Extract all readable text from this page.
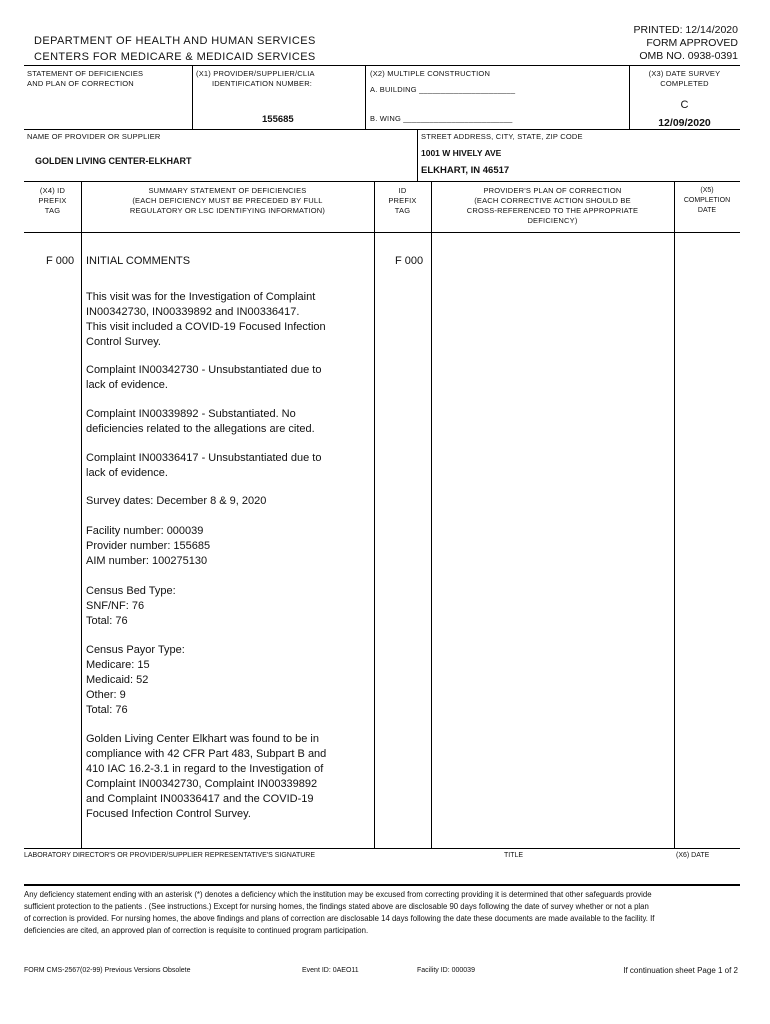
DEPARTMENT OF HEALTH AND HUMAN SERVICES
CENTERS FOR MEDICARE & MEDICAID SERVICES
PRINTED: 12/14/2020
FORM APPROVED
OMB NO. 0938-0391
STATEMENT OF DEFICIENCIES
AND PLAN OF CORRECTION
(X1) PROVIDER/SUPPLIER/CLIA
IDENTIFICATION NUMBER:
155685
(X2) MULTIPLE CONSTRUCTION
A. BUILDING ______________________
B. WING _________________________
(X3) DATE SURVEY
COMPLETED
C
12/09/2020
NAME OF PROVIDER OR SUPPLIER
GOLDEN LIVING CENTER-ELKHART
STREET ADDRESS, CITY, STATE, ZIP CODE
1001 W HIVELY AVE
ELKHART, IN 46517
(X4) ID
PREFIX
TAG
SUMMARY STATEMENT OF DEFICIENCIES
(EACH DEFICIENCY MUST BE PRECEDED BY FULL
REGULATORY OR LSC IDENTIFYING INFORMATION)
ID
PREFIX
TAG
PROVIDER'S PLAN OF CORRECTION
(EACH CORRECTIVE ACTION SHOULD BE
CROSS-REFERENCED TO THE APPROPRIATE
DEFICIENCY)
(X5)
COMPLETION
DATE
F 000 INITIAL COMMENTS	F 000
This visit was for the Investigation of Complaint
IN00342730, IN00339892 and IN00336417.
This visit included a COVID-19 Focused Infection
Control Survey.
Complaint IN00342730 - Unsubstantiated due to
lack of evidence.
Complaint IN00339892 - Substantiated. No
deficiencies related to the allegations are cited.
Complaint IN00336417 - Unsubstantiated due to
lack of evidence.
Survey dates: December 8 & 9, 2020
Facility number: 000039
Provider number: 155685
AIM number: 100275130
Census Bed Type:
SNF/NF: 76
Total: 76
Census Payor Type:
Medicare: 15
Medicaid: 52
Other: 9
Total: 76
Golden Living Center Elkhart was found to be in
compliance with 42 CFR Part 483, Subpart B and
410 IAC 16.2-3.1 in regard to the Investigation of
Complaint IN00342730, Complaint IN00339892
and Complaint IN00336417 and the COVID-19
Focused Infection Control Survey.
LABORATORY DIRECTOR'S OR PROVIDER/SUPPLIER REPRESENTATIVE'S SIGNATURE	TITLE	(X6) DATE
Any deficiency statement ending with an asterisk (*) denotes a deficiency which the institution may be excused from correcting providing it is determined that other safeguards provide sufficient protection to the patients . (See instructions.) Except for nursing homes, the findings stated above are disclosable 90 days following the date of survey whether or not a plan of correction is provided. For nursing homes, the above findings and plans of correction are disclosable 14 days following the date these documents are made available to the facility. If deficiencies are cited, an approved plan of correction is requisite to continued program participation.
FORM CMS-2567(02-99) Previous Versions Obsolete	Event ID: 0AEO11	Facility ID: 000039	If continuation sheet Page 1 of 2
